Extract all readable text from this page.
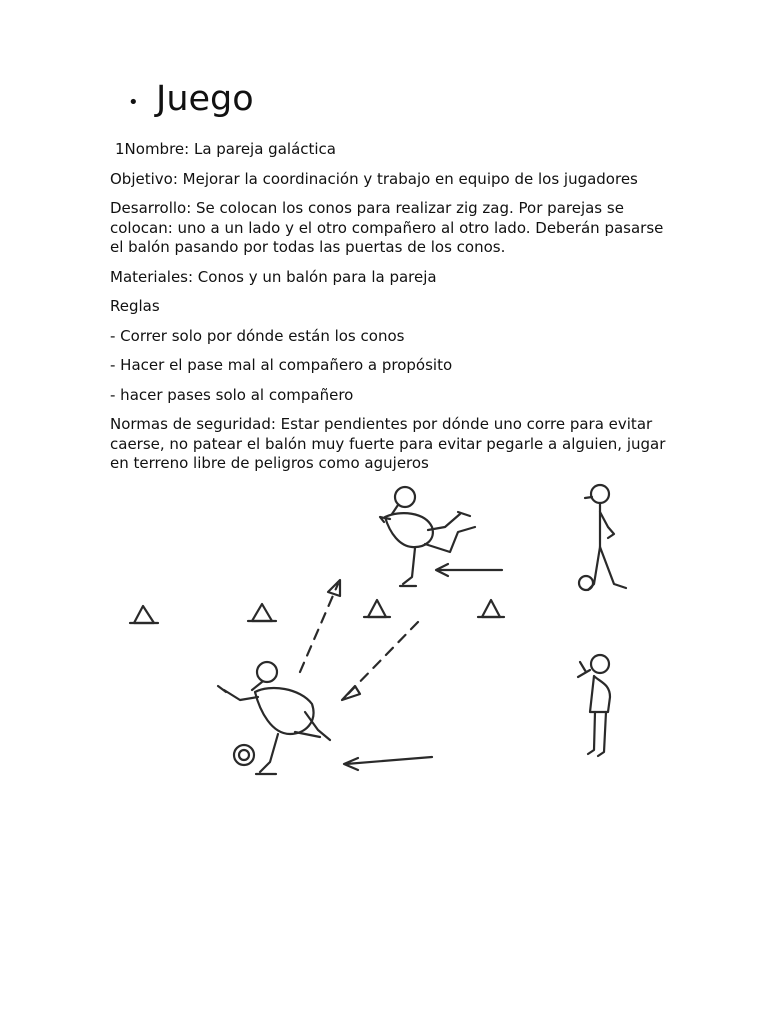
• Juego

1Nombre: La pareja galáctica

Objetivo: Mejorar la coordinación y trabajo en equipo de los jugadores

Desarrollo: Se colocan los conos para realizar zig zag. Por parejas se colocan: uno a un lado y el otro compañero al otro lado. Deberán pasarse el balón pasando por todas las puertas de los conos.

Materiales: Conos y un balón para la pareja

Reglas

- Correr solo por dónde están los conos

- Hacer el pase mal al compañero a propósito

- hacer pases solo al compañero

Normas de seguridad: Estar pendientes por dónde uno corre para evitar caerse, no patear el balón muy fuerte para evitar pegarle a alguien, jugar en terreno libre de peligros como agujeros
